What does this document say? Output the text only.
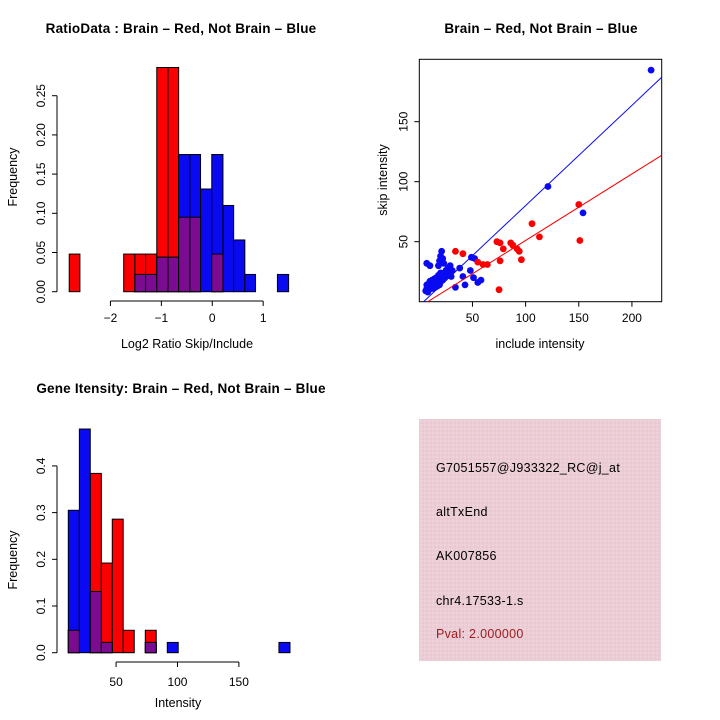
RatioData : Brain – Red, Not Brain – Blue	Brain – Red, Not Brain – Blue
Gene Itensity: Brain – Red, Not Brain – Blue
Log2 Ratio Skip/Include	include intensity
Intensity
Frequency	skip intensity
Frequency
0.00
0.05
0.10
0.15
0.20
0.25
−2	−1	0	1	50	100	150	200
50
100
150
0.0
0.1
0.2
0.3
0.4
50	100	150
G7051557@J933322_RC@j_at
altTxEnd
AK007856
chr4.17533-1.s
Pval: 2.000000
